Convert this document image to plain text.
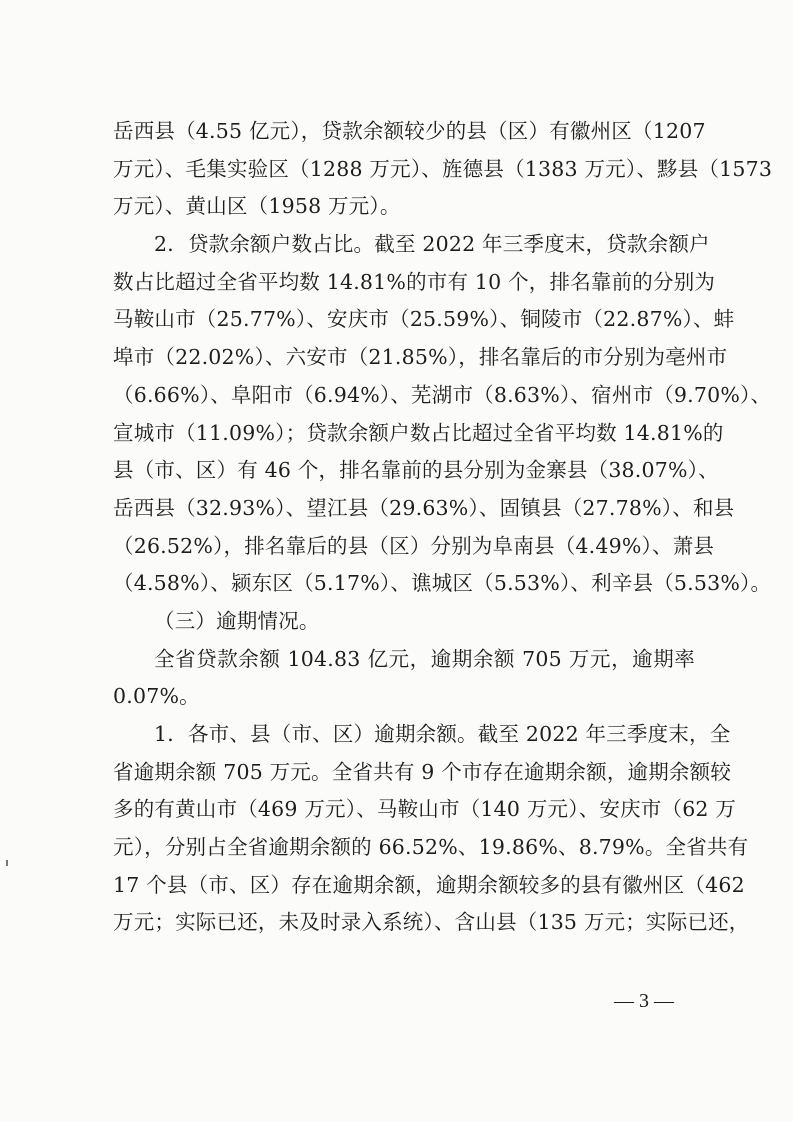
岳西县（4.55 亿元），贷款余额较少的县（区）有徽州区（1207
万元）、毛集实验区（1288 万元）、旌德县（1383 万元）、黟县（1573
万元）、黄山区（1958 万元）。
2．贷款余额户数占比。截至 2022 年三季度末，贷款余额户
数占比超过全省平均数 14.81%的市有 10 个，排名靠前的分别为
马鞍山市（25.77%）、安庆市（25.59%）、铜陵市（22.87%）、蚌
埠市（22.02%）、六安市（21.85%），排名靠后的市分别为亳州市
（6.66%）、阜阳市（6.94%）、芜湖市（8.63%）、宿州市（9.70%）、
宣城市（11.09%）；贷款余额户数占比超过全省平均数 14.81%的
县（市、区）有 46 个，排名靠前的县分别为金寨县（38.07%）、
岳西县（32.93%）、望江县（29.63%）、固镇县（27.78%）、和县
（26.52%），排名靠后的县（区）分别为阜南县（4.49%）、萧县
（4.58%）、颍东区（5.17%）、谯城区（5.53%）、利辛县（5.53%）。
（三）逾期情况。
全省贷款余额 104.83 亿元，逾期余额 705 万元，逾期率
0.07%。
1．各市、县（市、区）逾期余额。截至 2022 年三季度末，全
省逾期余额 705 万元。全省共有 9 个市存在逾期余额，逾期余额较
多的有黄山市（469 万元）、马鞍山市（140 万元）、安庆市（62 万
元），分别占全省逾期余额的 66.52%、19.86%、8.79%。全省共有
17 个县（市、区）存在逾期余额，逾期余额较多的县有徽州区（462
万元；实际已还，未及时录入系统）、含山县（135 万元；实际已还，
— 3 —
